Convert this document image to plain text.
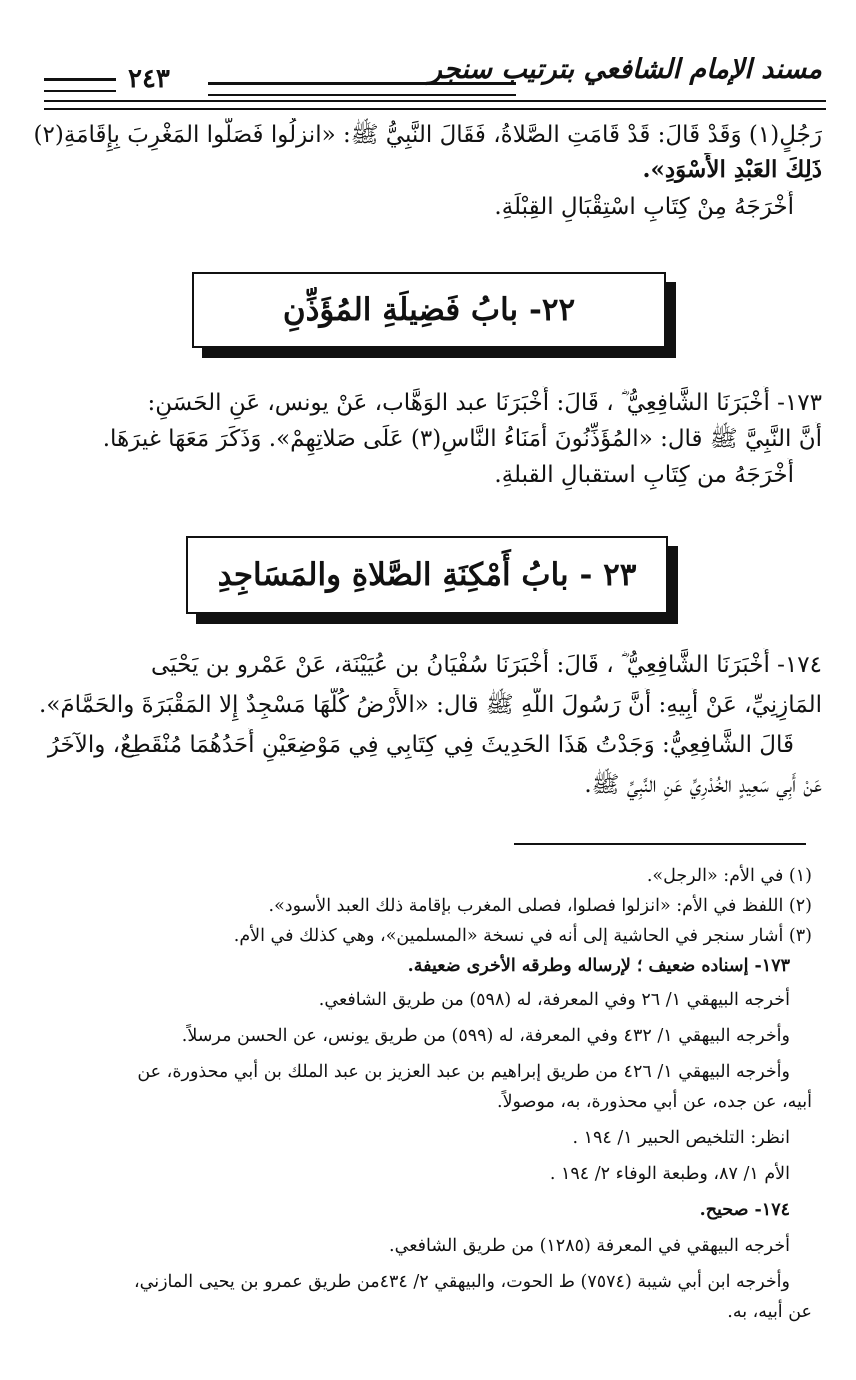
مسند الإمام الشافعي بترتيب سنجر
٢٤٣
رَجُلٍ(١) وَقَدْ قَالَ: قَدْ قَامَتِ الصَّلاةُ، فَقَالَ النَّبِيُّ ﷺ: «انزلُوا فَصَلُّوا المَغْرِبَ بِإِقَامَةِ(٢)
ذَلِكَ العَبْدِ الأَسْوَدِ».
أَخْرَجَهُ مِنْ كِتَابِ اسْتِقْبَالِ القِبْلَةِ.
٢٢- بابُ فَضِيلَةِ المُؤَذِّنِ
١٧٣- أَخْبَرَنَا الشَّافِعِيُّ ؓ ، قَالَ: أَخْبَرَنَا عبد الوَهَّاب، عَنْ يونس، عَنِ الحَسَنِ:
أَنَّ النَّبِيَّ ﷺ قال: «المُؤَذِّنُونَ أُمَنَاءُ النَّاسِ(٣) عَلَى صَلاتِهِمْ». وَذَكَرَ مَعَهَا غيرَهَا.
أَخْرَجَهُ من كِتَابِ استقبالِ القبلةِ.
٢٣ - بابُ أَمْكِنَةِ الصَّلاةِ والمَسَاجِدِ
١٧٤- أَخْبَرَنَا الشَّافِعِيُّ ؓ ، قَالَ: أَخْبَرَنَا سُفْيَانُ بن عُيَيْنَة، عَنْ عَمْرو بن يَحْيَى
المَازِنِيِّ، عَنْ أَبِيهِ: أَنَّ رَسُولَ اللَّهِ ﷺ قال: «الأَرْضُ كُلُّهَا مَسْجِدٌ إِلا المَقْبَرَةَ والحَمَّامَ».
قَالَ الشَّافِعِيُّ: وَجَدْتُ هَذَا الحَدِيثَ فِي كِتَابِي فِي مَوْضِعَيْنِ أَحَدُهُمَا مُنْقَطِعٌ، والآخَرُ
عَنْ أَبِي سَعِيدٍ الخُدْرِيِّ عَنِ النَّبِيِّ ﷺ.
(١) في الأم: «الرجل».
(٢) اللفظ في الأم: «انزلوا فصلوا، فصلى المغرب بإقامة ذلك العبد الأسود».
(٣) أشار سنجر في الحاشية إلى أنه في نسخة «المسلمين»، وهي كذلك في الأم.
١٧٣- إسناده ضعيف ؛ لإرساله وطرقه الأخرى ضعيفة.
أخرجه البيهقي ١/ ٢٦ وفي المعرفة، له (٥٩٨) من طريق الشافعي.
وأخرجه البيهقي ١/ ٤٣٢ وفي المعرفة، له (٥٩٩) من طريق يونس، عن الحسن مرسلاً.
وأخرجه البيهقي ١/ ٤٢٦ من طريق إبراهيم بن عبد العزيز بن عبد الملك بن أبي محذورة، عن
أبيه، عن جده، عن أبي محذورة، به، موصولاً.
انظر: التلخيص الحبير ١/ ١٩٤ .
الأم ١/ ٨٧، وطبعة الوفاء ٢/ ١٩٤ .
١٧٤- صحيح.
أخرجه البيهقي في المعرفة (١٢٨٥) من طريق الشافعي.
وأخرجه ابن أبي شيبة (٧٥٧٤) ط الحوت، والبيهقي ٢/ ٤٣٤من طريق عمرو بن يحيى المازني،
عن أبيه، به.
